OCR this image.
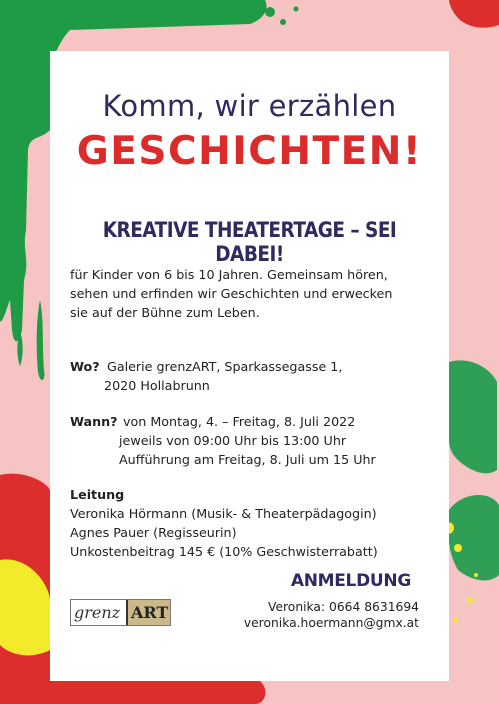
Komm, wir erzählen
GESCHICHTEN!
KREATIVE THEATERTAGE – SEI DABEI!
für Kinder von 6 bis 10 Jahren. Gemeinsam hören,
sehen und erfinden wir Geschichten und erwecken
sie auf der Bühne zum Leben.
Wo? Galerie grenzART, Sparkassegasse 1,
2020 Hollabrunn
Wann? von Montag, 4. – Freitag, 8. Juli 2022
jeweils von 09:00 Uhr bis 13:00 Uhr
Aufführung am Freitag, 8. Juli um 15 Uhr
Leitung
Veronika Hörmann (Musik- & Theaterpädagogin)
Agnes Pauer (Regisseurin)
Unkostenbeitrag 145 € (10% Geschwisterrabatt)
ANMELDUNG
Veronika: 0664 8631694
veronika.hoermann@gmx.at
grenz ART
